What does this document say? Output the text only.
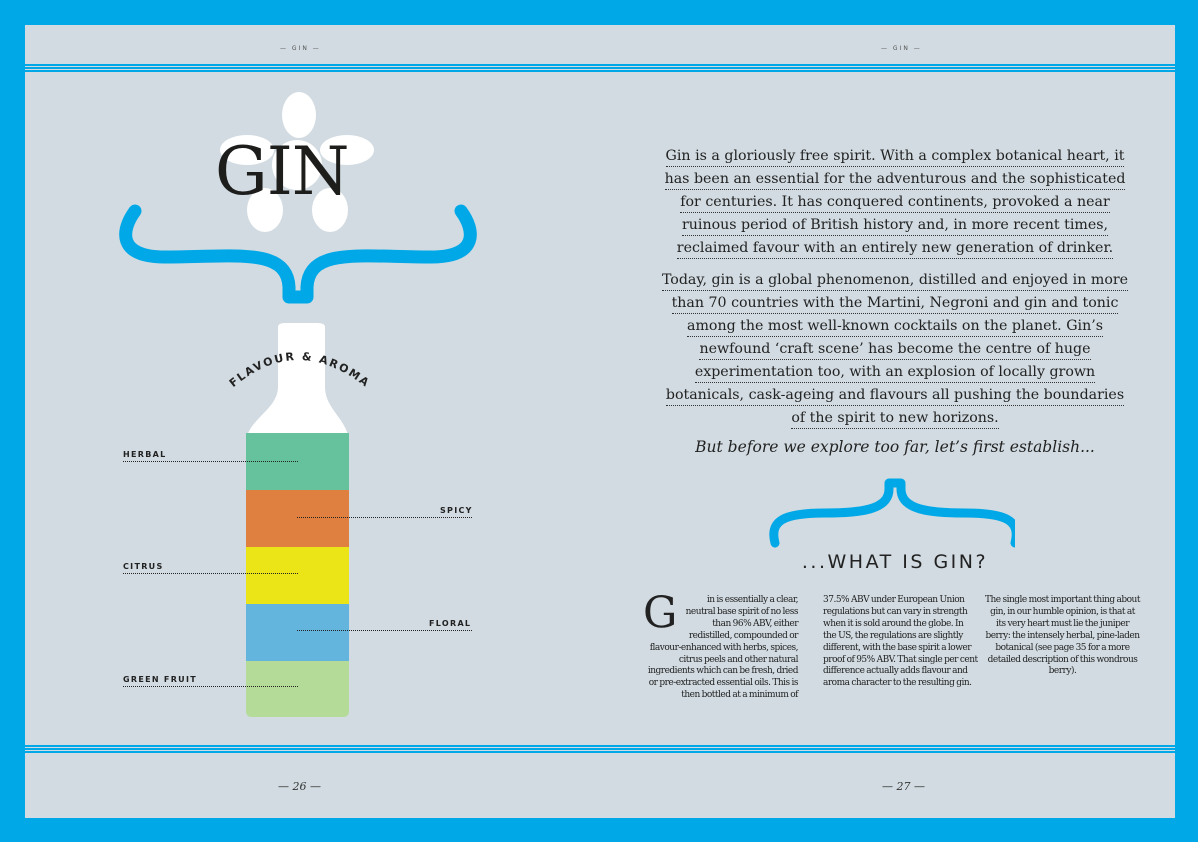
— GIN —	— GIN —
FLAVOUR & AROMA
GIN
HERBAL
SPICY
CITRUS
FLORAL
GREEN FRUIT

Gin is a gloriously free spirit. With a complex botanical heart, it
has been an essential for the adventurous and the sophisticated
for centuries. It has conquered continents, provoked a near
ruinous period of British history and, in more recent times,
reclaimed favour with an entirely new generation of drinker.

Today, gin is a global phenomenon, distilled and enjoyed in more
than 70 countries with the Martini, Negroni and gin and tonic
among the most well-known cocktails on the planet. Gin’s
newfound ‘craft scene’ has become the centre of huge
experimentation too, with an explosion of locally grown
botanicals, cask-ageing and flavours all pushing the boundaries
of the spirit to new horizons.

But before we explore too far, let’s first establish...
...WHAT IS GIN?
G	in is essentially a clear, neutral base spirit of no less than 96% ABV, either redistilled, compounded or flavour-enhanced with herbs, spices, citrus peels and other natural ingredients which can be fresh, dried or pre-extracted essential oils. This is then bottled at a minimum of
37.5% ABV under European Union regulations but can vary in strength when it is sold around the globe. In the US, the regulations are slightly different, with the base spirit a lower proof of 95% ABV. That single per cent difference actually adds flavour and aroma character to the resulting gin.
The single most important thing about gin, in our humble opinion, is that at its very heart must lie the juniper berry: the intensely herbal, pine-laden botanical (see page 35 for a more detailed description of this wondrous berry).
— 26 —	— 27 —
